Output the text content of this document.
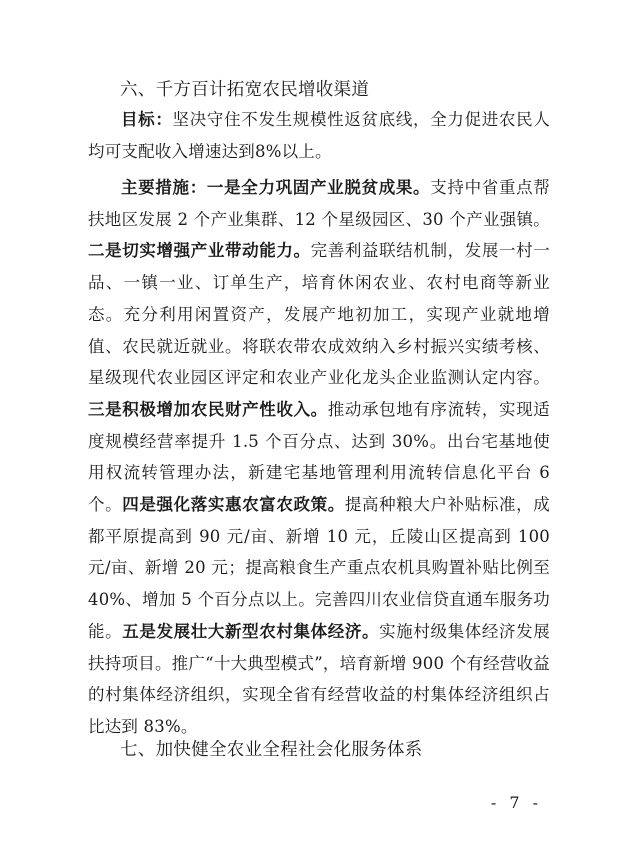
六、千方百计拓宽农民增收渠道

目标：坚决守住不发生规模性返贫底线，全力促进农民人均可支配收入增速达到8%以上。

主要措施：一是全力巩固产业脱贫成果。支持中省重点帮扶地区发展 2 个产业集群、12 个星级园区、30 个产业强镇。二是切实增强产业带动能力。完善利益联结机制，发展一村一品、一镇一业、订单生产，培育休闲农业、农村电商等新业态。充分利用闲置资产，发展产地初加工，实现产业就地增值、农民就近就业。将联农带农成效纳入乡村振兴实绩考核、星级现代农业园区评定和农业产业化龙头企业监测认定内容。三是积极增加农民财产性收入。推动承包地有序流转，实现适度规模经营率提升 1.5 个百分点、达到 30%。出台宅基地使用权流转管理办法，新建宅基地管理利用流转信息化平台 6 个。四是强化落实惠农富农政策。提高种粮大户补贴标准，成都平原提高到 90 元/亩、新增 10 元，丘陵山区提高到 100 元/亩、新增 20 元；提高粮食生产重点农机具购置补贴比例至 40%、增加 5 个百分点以上。完善四川农业信贷直通车服务功能。五是发展壮大新型农村集体经济。实施村级集体经济发展扶持项目。推广“十大典型模式”，培育新增 900 个有经营收益的村集体经济组织，实现全省有经营收益的村集体经济组织占比达到 83%。

七、加快健全农业全程社会化服务体系
- 7 -
